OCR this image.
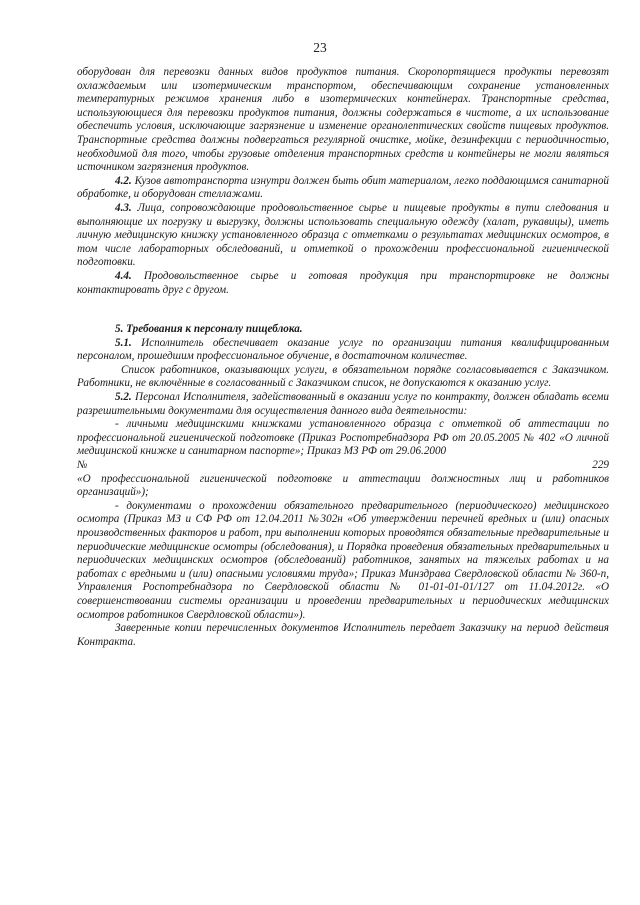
23

оборудован для перевозки данных видов продуктов питания. Скоропортящиеся продукты перевозят охлаждаемым или изотермическим транспортом, обеспечивающим сохранение установленных температурных режимов хранения либо в изотермических контейнерах. Транспортные средства, используюющиеся для перевозки продуктов питания, должны содержаться в чистоте, а их использование обеспечить условия, исключающие загрязнение и изменение органолептических свойств пищевых продуктов. Транспортные средства должны подвергаться регулярной очистке, мойке, дезинфекции с периодичностью, необходимой для того, чтобы грузовые отделения транспортных средств и контейнеры не могли являться источником загрязнения продуктов.

4.2. Кузов автотранспорта изнутри должен быть обит материалом, легко поддающимся санитарной обработке, и оборудован стеллажами.

4.3. Лица, сопровождающие продовольственное сырье и пищевые продукты в пути следования и выполняющие их погрузку и выгрузку, должны использовать специальную одежду (халат, рукавицы), иметь личную медицинскую книжку установленного образца с отметками о результатах медицинских осмотров, в том числе лабораторных обследований, и отметкой о прохождении профессиональной гигиенической подготовки.

4.4. Продовольственное сырье и готовая продукция при транспортировке не должны контактировать друг с другом.

5. Требования к персоналу пищеблока.

5.1. Исполнитель обеспечивает оказание услуг по организации питания квалифицированным персоналом, прошедшим профессиональное обучение, в достаточном количестве.

Список работников, оказывающих услуги, в обязательном порядке согласовывается с Заказчиком. Работники, не включённые в согласованный с Заказчиком список, не допускаются к оказанию услуг.

5.2. Персонал Исполнителя, задействованный в оказании услуг по контракту, должен обладать всеми разрешительными документами для осуществления данного вида деятельности:

- личными медицинскими книжками установленного образца с отметкой об аттестации по профессиональной гигиенической подготовке (Приказ Роспотребнадзора РФ от 20.05.2005 № 402 «О личной медицинской книжке и санитарном паспорте»; Приказ МЗ РФ от 29.06.2000

№	229

«О профессиональной гигиенической подготовке и аттестации должностных лиц и работников организаций»);

- документами о прохождении обязательного предварительного (периодического) медицинского осмотра (Приказ МЗ и СФ РФ от 12.04.2011 №302н «Об утверждении перечней вредных и (или) опасных производственных факторов и работ, при выполнении которых проводятся обязательные предварительные и периодические медицинские осмотры (обследования), и Порядка проведения обязательных предварительных и периодических медицинских осмотров (обследований) работников, занятых на тяжелых работах и на работах с вредными и (или) опасными условиями труда»; Приказ Минздрава Свердловской области № 360-п, Управления Роспотребнадзора по Свердловской области № 01-01-01-01/127 от 11.04.2012г. «О совершенствовании системы организации и проведении предварительных и периодических медицинских осмотров работников Свердловской области»).

Заверенные копии перечисленных документов Исполнитель передает Заказчику на период действия Контракта.
